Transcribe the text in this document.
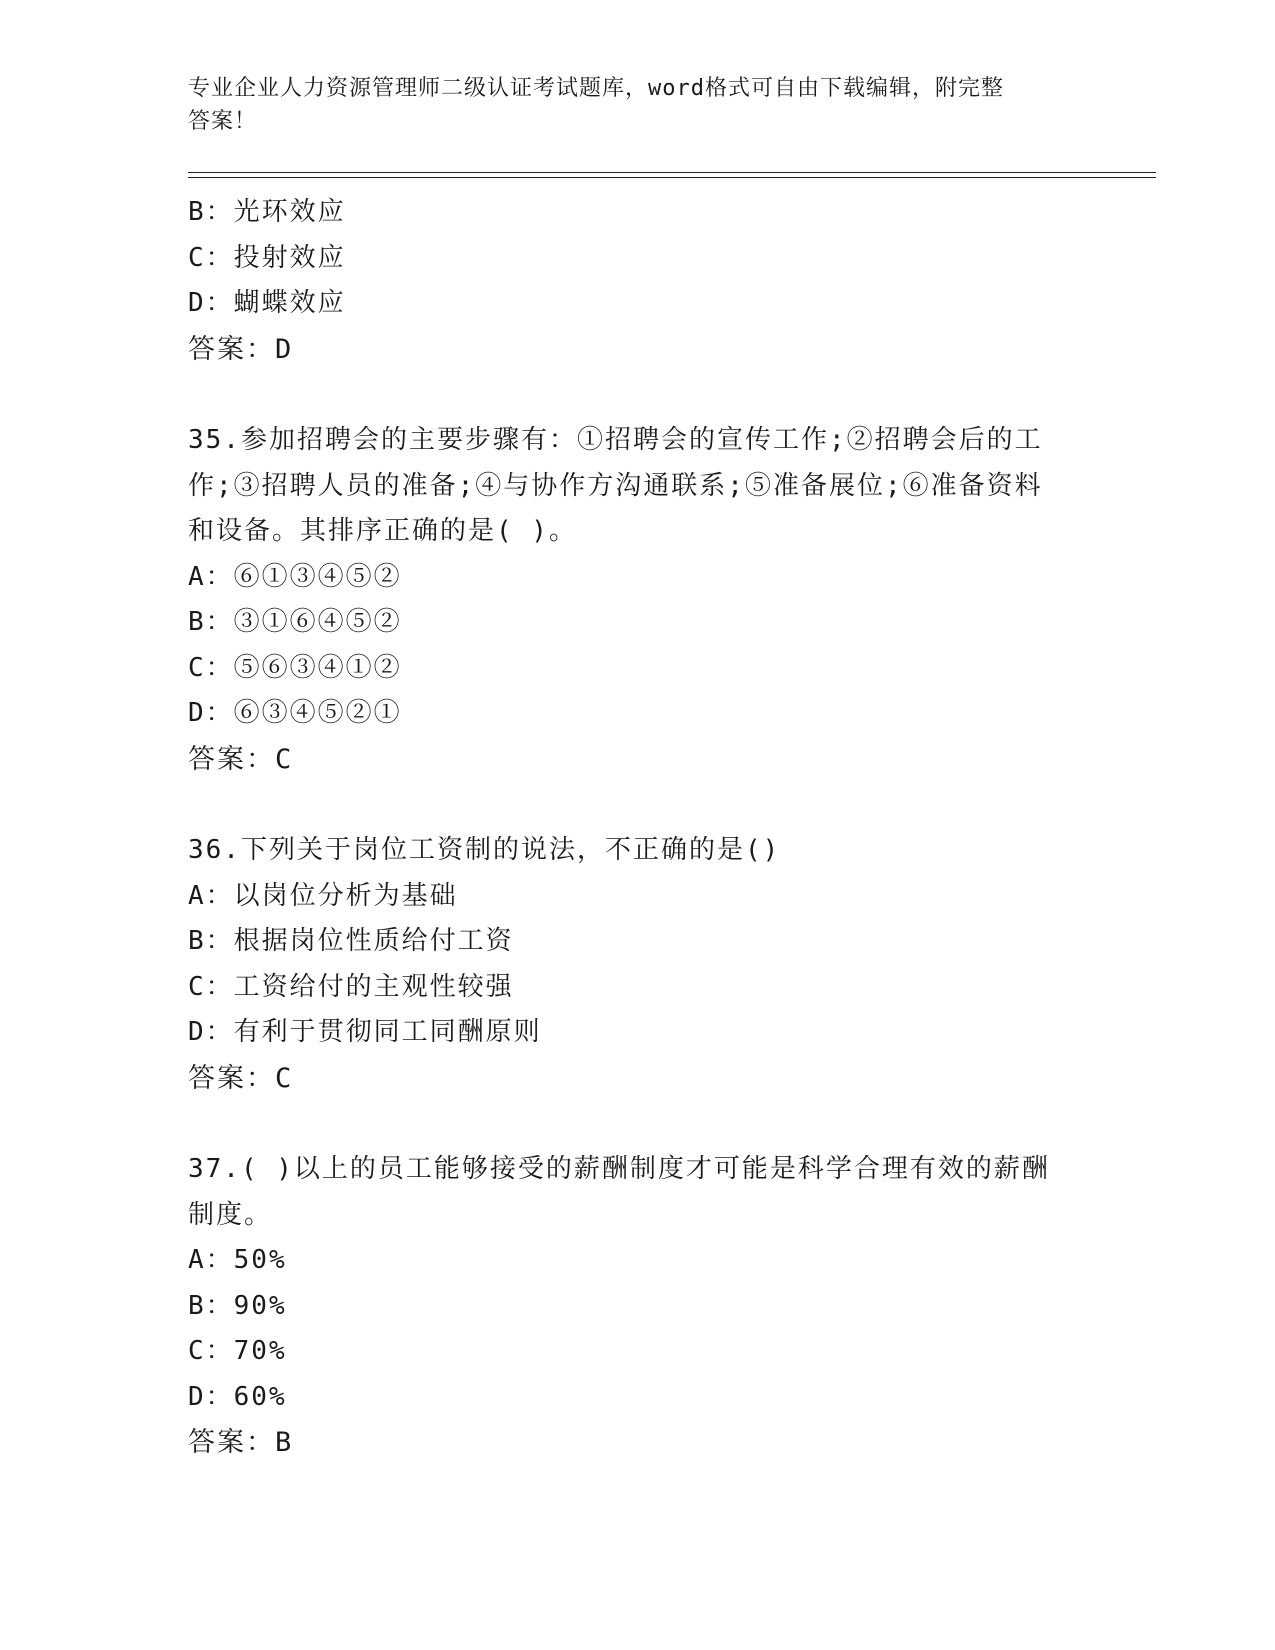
专业企业人力资源管理师二级认证考试题库，word格式可自由下载编辑，附完整
答案！
B：光环效应
C：投射效应
D：蝴蝶效应
答案：D
35.参加招聘会的主要步骤有：①招聘会的宣传工作;②招聘会后的工
作;③招聘人员的准备;④与协作方沟通联系;⑤准备展位;⑥准备资料
和设备。其排序正确的是( )。
A：⑥①③④⑤②
B：③①⑥④⑤②
C：⑤⑥③④①②
D：⑥③④⑤②①
答案：C
36.下列关于岗位工资制的说法，不正确的是()
A：以岗位分析为基础
B：根据岗位性质给付工资
C：工资给付的主观性较强
D：有利于贯彻同工同酬原则
答案：C
37.( )以上的员工能够接受的薪酬制度才可能是科学合理有效的薪酬
制度。
A：50%
B：90%
C：70%
D：60%
答案：B
